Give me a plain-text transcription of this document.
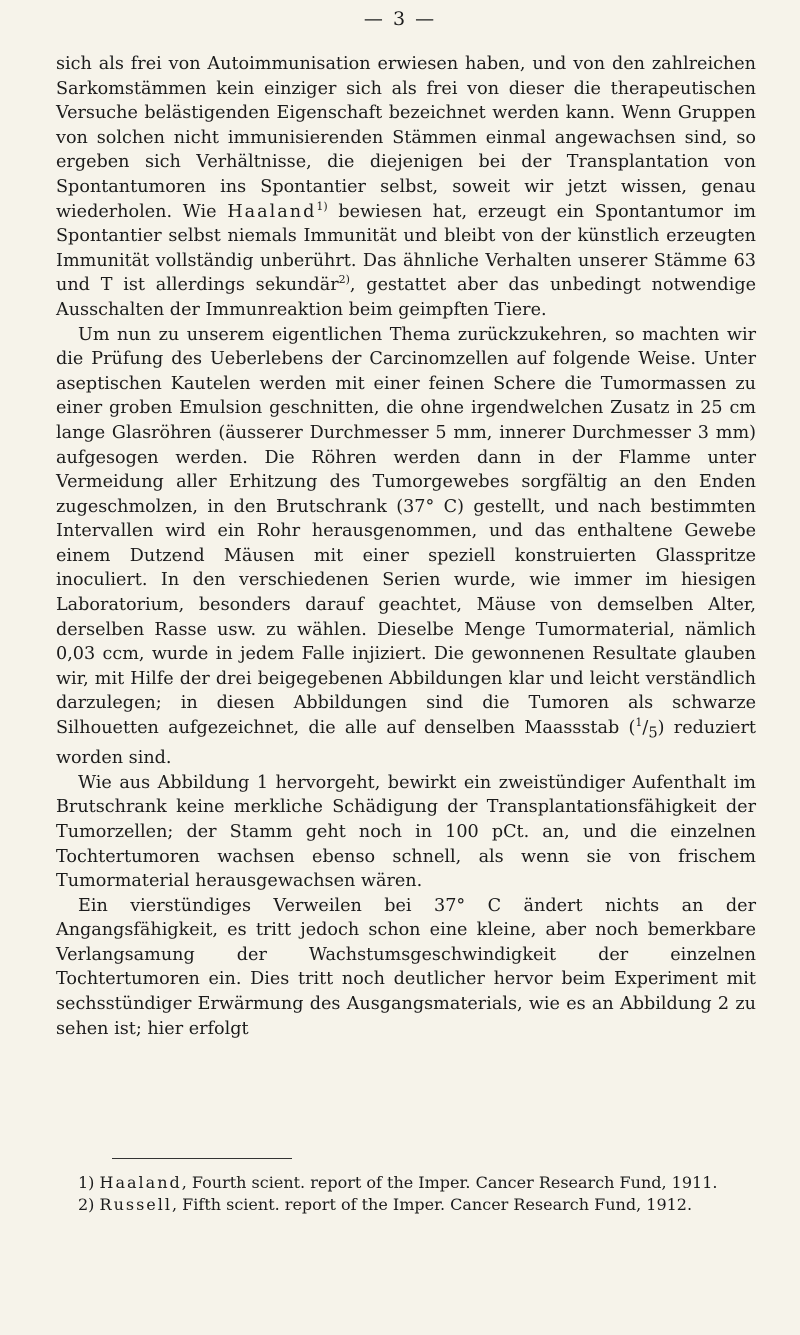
— 3 —

sich als frei von Autoimmunisation erwiesen haben, und von den zahlreichen Sarkomstämmen kein einziger sich als frei von dieser die therapeutischen Versuche belästigenden Eigenschaft bezeichnet werden kann. Wenn Gruppen von solchen nicht immunisierenden Stämmen einmal angewachsen sind, so ergeben sich Verhältnisse, die diejenigen bei der Transplantation von Spontantumoren ins Spontantier selbst, soweit wir jetzt wissen, genau wiederholen. Wie Haaland$^{1)}$ bewiesen hat, erzeugt ein Spontantumor im Spontantier selbst niemals Immunität und bleibt von der künstlich erzeugten Immunität vollständig unberührt. Das ähnliche Verhalten unserer Stämme 63 und T ist allerdings sekundär$^{2)}$, gestattet aber das unbedingt notwendige Ausschalten der Immunreaktion beim geimpften Tiere.

Um nun zu unserem eigentlichen Thema zurückzukehren, so machten wir die Prüfung des Ueberlebens der Carcinomzellen auf folgende Weise. Unter aseptischen Kautelen werden mit einer feinen Schere die Tumormassen zu einer groben Emulsion geschnitten, die ohne irgendwelchen Zusatz in 25 cm lange Glasröhren (äusserer Durchmesser 5 mm, innerer Durchmesser 3 mm) aufgesogen werden. Die Röhren werden dann in der Flamme unter Vermeidung aller Erhitzung des Tumorgewebes sorgfältig an den Enden zugeschmolzen, in den Brutschrank (37° C) gestellt, und nach bestimmten Intervallen wird ein Rohr herausgenommen, und das enthaltene Gewebe einem Dutzend Mäusen mit einer speziell konstruierten Glasspritze inoculiert. In den verschiedenen Serien wurde, wie immer im hiesigen Laboratorium, besonders darauf geachtet, Mäuse von demselben Alter, derselben Rasse usw. zu wählen. Dieselbe Menge Tumormaterial, nämlich 0,03 ccm, wurde in jedem Falle injiziert. Die gewonnenen Resultate glauben wir, mit Hilfe der drei beigegebenen Abbildungen klar und leicht verständlich darzulegen; in diesen Abbildungen sind die Tumoren als schwarze Silhouetten aufgezeichnet, die alle auf denselben Maassstab $(^1/_5)$ reduziert worden sind.

Wie aus Abbildung 1 hervorgeht, bewirkt ein zweistündiger Aufenthalt im Brutschrank keine merkliche Schädigung der Transplantationsfähigkeit der Tumorzellen; der Stamm geht noch in 100 pCt. an, und die einzelnen Tochtertumoren wachsen ebenso schnell, als wenn sie von frischem Tumormaterial herausgewachsen wären.

Ein vierstündiges Verweilen bei 37° C ändert nichts an der Angangsfähigkeit, es tritt jedoch schon eine kleine, aber noch bemerkbare Verlangsamung der Wachstumsgeschwindigkeit der einzelnen Tochtertumoren ein. Dies tritt noch deutlicher hervor beim Experiment mit sechsstündiger Erwärmung des Ausgangsmaterials, wie es an Abbildung 2 zu sehen ist; hier erfolgt

1) Haaland, Fourth scient. report of the Imper. Cancer Research Fund, 1911.

2) Russell, Fifth scient. report of the Imper. Cancer Research Fund, 1912.
